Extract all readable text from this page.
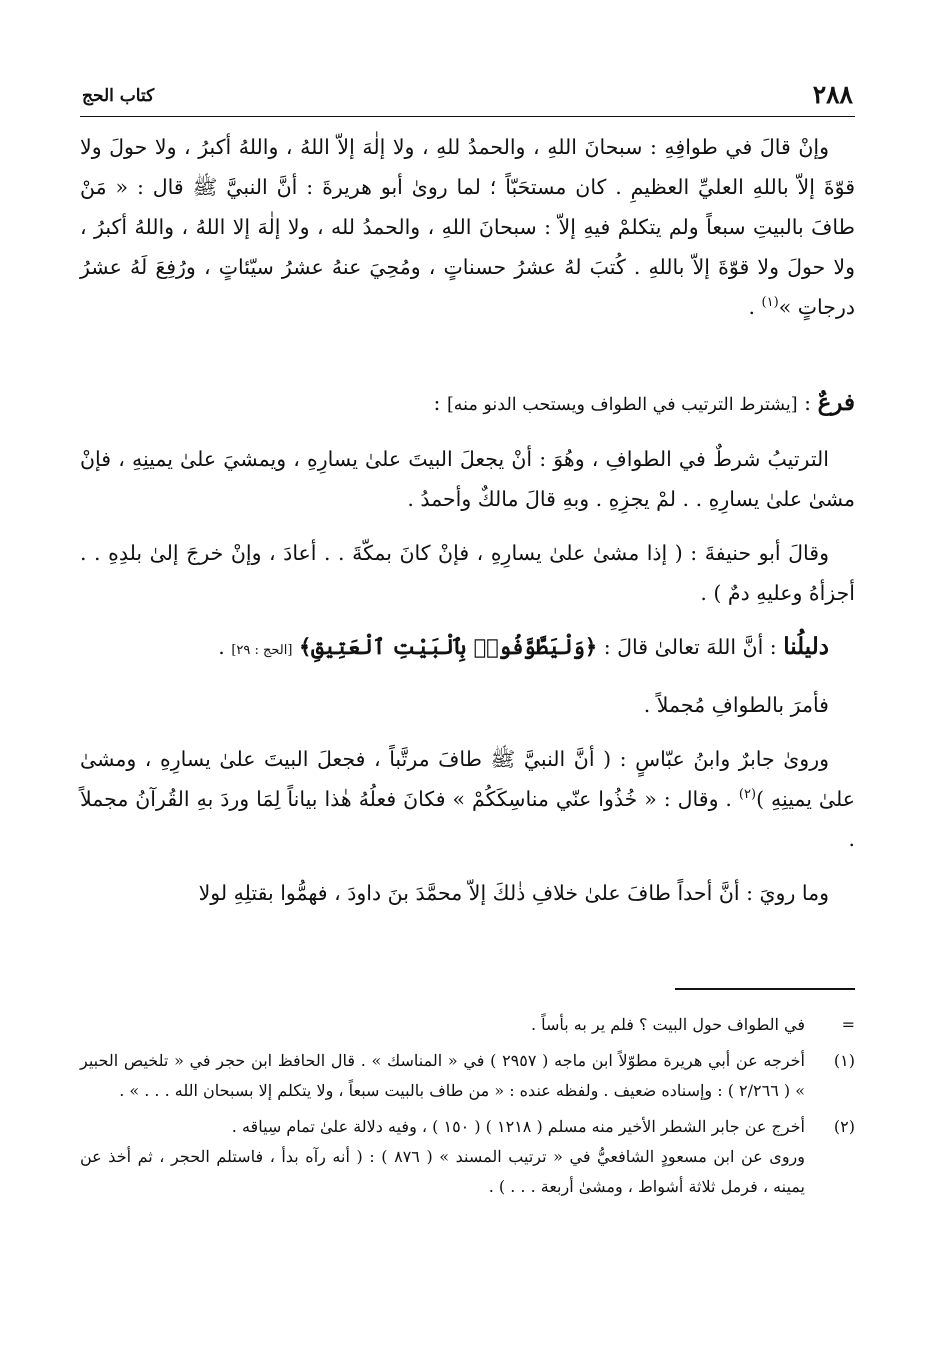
٢٨٨
كتاب الحج

وإنْ قالَ في طوافِهِ : سبحانَ اللهِ ، والحمدُ للهِ ، ولا إلٰهَ إلاّ اللهُ ، واللهُ أكبرُ ، ولا حولَ ولا قوّةَ إلاّ باللهِ العليِّ العظيمِ . كان مستحَبّاً ؛ لما روىٰ أبو هريرةَ : أنَّ النبيَّ ﷺ قال : « مَنْ طافَ بالبيتِ سبعاً ولم يتكلمْ فيهِ إلاّ : سبحانَ اللهِ ، والحمدُ لله ، ولا إلٰهَ إلا اللهُ ، واللهُ أكبرُ ، ولا حولَ ولا قوّةَ إلاّ باللهِ . كُتبَ لهُ عشرُ حسناتٍ ، ومُحِيَ عنهُ عشرُ سيّئاتٍ ، ورُفِعَ لَهُ عشرُ درجاتٍ »$^{(١)}$ .

فرعٌ : [يشترط الترتيب في الطواف ويستحب الدنو منه] :

الترتيبُ شرطٌ في الطوافِ ، وهُوَ : أنْ يجعلَ البيتَ علىٰ يسارِهِ ، ويمشيَ علىٰ يمينِهِ ، فإنْ مشىٰ علىٰ يسارِهِ . . لمْ يجزِهِ . وبهِ قالَ مالكٌ وأحمدُ .

وقالَ أبو حنيفةَ : ( إذا مشىٰ علىٰ يسارِهِ ، فإنْ كانَ بمكّةَ . . أعادَ ، وإنْ خرجَ إلىٰ بلدِهِ . . أجزأهُ وعليهِ دمٌ ) .

دليلُنا : أنَّ اللهَ تعالىٰ قالَ : ﴿وَلْيَطَّوَّفُوا۟ بِٱلْبَيْتِ ٱلْعَتِيقِ﴾ [الحج : ٢٩] .

فأمرَ بالطوافِ مُجملاً .

وروىٰ جابرٌ وابنُ عبّاسٍ : ( أنَّ النبيَّ ﷺ طافَ مرتَّباً ، فجعلَ البيتَ علىٰ يسارِهِ ، ومشىٰ علىٰ يمينِهِ )$^{(٢)}$ . وقال : « خُذُوا عنّي مناسِكَكُمْ » فكانَ فعلُهُ هٰذا بياناً لِمَا وردَ بهِ القُرآنُ مجملاً .

وما رويَ : أنَّ أحداً طافَ علىٰ خلافِ ذٰلكَ إلاّ محمَّدَ بنَ داودَ ، فهمُّوا بقتلِهِ لولا

=
في الطواف حول البيت ؟ فلم ير به بأساً .
(١)
أخرجه عن أبي هريرة مطوّلاً ابن ماجه ( ٢٩٥٧ ) في « المناسك » . قال الحافظ ابن حجر في « تلخيص الحبير » ( ٢/٢٦٦ ) : وإسناده ضعيف . ولفظه عنده : « من طاف بالبيت سبعاً ، ولا يتكلم إلا بسبحان الله . . . » .
(٢)
أخرج عن جابر الشطر الأخير منه مسلم ( ١٢١٨ ) ( ١٥٠ ) ، وفيه دلالة علىٰ تمام سِياقه .
وروى عن ابن مسعودٍ الشافعيُّ في « ترتيب المسند » ( ٨٧٦ ) : ( أنه رآه بدأ ، فاستلم الحجر ، ثم أخذ عن يمينه ، فرمل ثلاثة أشواط ، ومشىٰ أربعة . . . ) .
